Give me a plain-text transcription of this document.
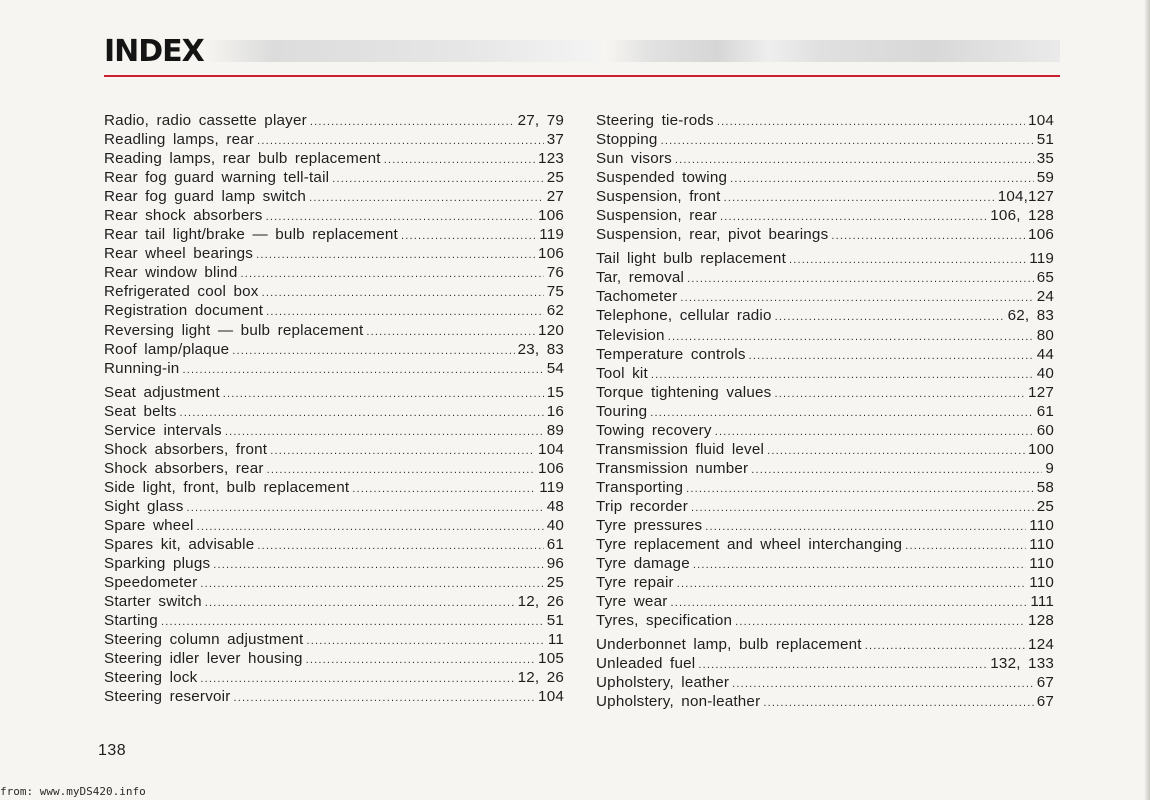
INDEX
Radio, radio cassette player .....	27, 79
Readling lamps, rear .....	37
Reading lamps, rear bulb replacement .....	123
Rear fog guard warning tell-tail .....	25
Rear fog guard lamp switch .....	27
Rear shock absorbers .....	106
Rear tail light/brake — bulb replacement .....	119
Rear wheel bearings .....	106
Rear window blind .....	76
Refrigerated cool box .....	75
Registration document .....	62
Reversing light — bulb replacement .....	120
Roof lamp/plaque .....	23, 83
Running-in .....	54
Seat adjustment .....	15
Seat belts .....	16
Service intervals .....	89
Shock absorbers, front .....	104
Shock absorbers, rear .....	106
Side light, front, bulb replacement .....	119
Sight glass .....	48
Spare wheel .....	40
Spares kit, advisable .....	61
Sparking plugs .....	96
Speedometer .....	25
Starter switch .....	12, 26
Starting .....	51
Steering column adjustment .....	11
Steering idler lever housing .....	105
Steering lock .....	12, 26
Steering reservoir .....	104
Steering tie-rods .....	104
Stopping .....	51
Sun visors .....	35
Suspended towing .....	59
Suspension, front .....	104,127
Suspension, rear .....	106, 128
Suspension, rear, pivot bearings .....	106
Tail light bulb replacement .....	119
Tar, removal .....	65
Tachometer .....	24
Telephone, cellular radio .....	62, 83
Television .....	80
Temperature controls .....	44
Tool kit .....	40
Torque tightening values .....	127
Touring .....	61
Towing recovery .....	60
Transmission fluid level .....	100
Transmission number .....	9
Transporting .....	58
Trip recorder .....	25
Tyre pressures .....	110
Tyre replacement and wheel interchanging .....	110
Tyre damage .....	110
Tyre repair .....	110
Tyre wear .....	111
Tyres, specification .....	128
Underbonnet lamp, bulb replacement .....	124
Unleaded fuel .....	132, 133
Upholstery, leather .....	67
Upholstery, non-leather .....	67
138
from: www.myDS420.info
